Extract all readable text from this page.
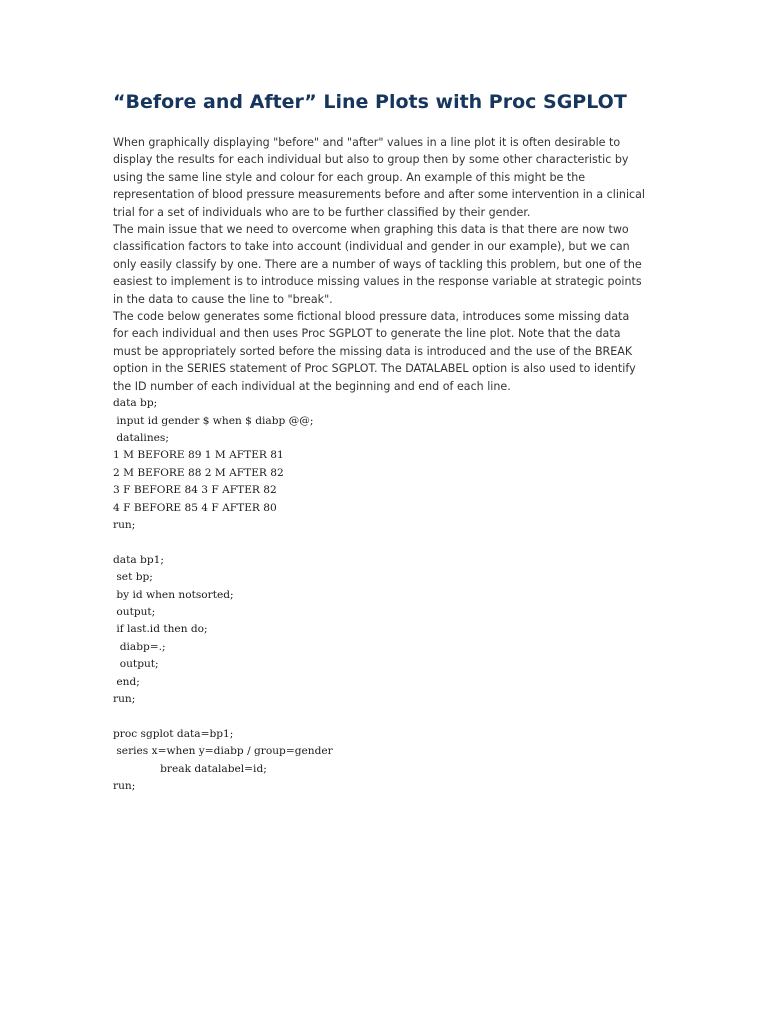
“Before and After” Line Plots with Proc SGPLOT
When graphically displaying "before" and "after" values in a line plot it is often desirable to
display the results for each individual but also to group then by some other characteristic by
using the same line style and colour for each group. An example of this might be the
representation of blood pressure measurements before and after some intervention in a clinical
trial for a set of individuals who are to be further classified by their gender.
The main issue that we need to overcome when graphing this data is that there are now two
classification factors to take into account (individual and gender in our example), but we can
only easily classify by one. There are a number of ways of tackling this problem, but one of the
easiest to implement is to introduce missing values in the response variable at strategic points
in the data to cause the line to "break".
The code below generates some fictional blood pressure data, introduces some missing data
for each individual and then uses Proc SGPLOT to generate the line plot. Note that the data
must be appropriately sorted before the missing data is introduced and the use of the BREAK
option in the SERIES statement of Proc SGPLOT. The DATALABEL option is also used to identify
the ID number of each individual at the beginning and end of each line.
data bp;
input id gender $ when $ diabp @@;
datalines;
1 M BEFORE 89 1 M AFTER 81
2 M BEFORE 88 2 M AFTER 82
3 F BEFORE 84 3 F AFTER 82
4 F BEFORE 85 4 F AFTER 80
run;
data bp1;
set bp;
by id when notsorted;
output;
if last.id then do;
diabp=.;
output;
end;
run;
proc sgplot data=bp1;
series x=when y=diabp / group=gender
break datalabel=id;
run;
